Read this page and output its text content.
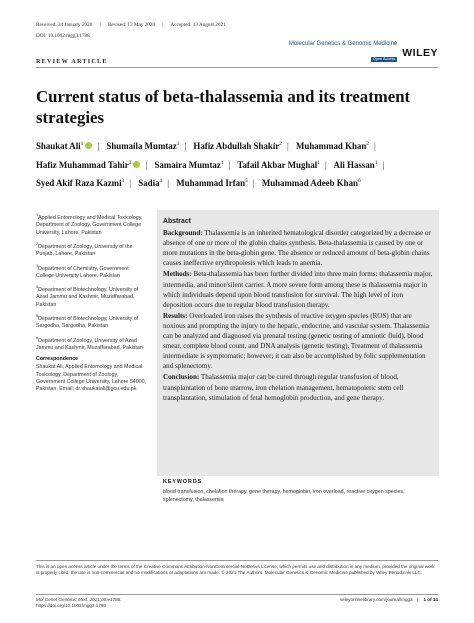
Received: 24 January 2020 | Revised: 13 May 2020 | Accepted: 13 August 2021
DOI: 10.1002/mgg3.1788
Molecular Genetics & Genomic Medicine
Open Access WILEY
REVIEW ARTICLE
Current status of beta-thalassemia and its treatment strategies
Shaukat Ali$^1$ | Shumaila Mumtaz$^1$ | Hafiz Abdullah Shakir$^2$ | Muhammad Khan$^2$ | Hafiz Muhammad Tahir$^3$ | Samaira Mumtaz$^1$ | Tafail Akbar Mughal$^1$ | Ali Hassan$^1$ | Syed Akif Raza Kazmi$^3$ | Sadia$^4$ | Muhammad Irfan$^5$ | Muhammad Adeeb Khan$^6$
$^1$Applied Entomology and Medical Toxicology, Department of Zoology, Government College University, Lahore, Pakistan
$^2$Department of Zoology, University of the Punjab, Lahore, Pakistan
$^3$Department of Chemistry, Government College University Lahore, Pakistan
$^4$Department of Biotechnology, University of Azad Jammu and Kashmir, Muzaffarabad, Pakistan
$^5$Department of Biotechnology, University of Sargodha, Sargodha, Pakistan
$^6$Department of Zoology, University of Azad Jammu and Kashmir, Muzaffarabad, Pakistan
Correspondence
Shaukat Ali, Applied Entomology and Medical Toxicology, Department of Zoology, Government College University, Lahore 54000, Pakistan. Email: dr.shaukatali@gcu.edu.pk
Abstract
Background: Thalassemia is an inherited hematological disorder categorized by a decrease or absence of one or more of the globin chains synthesis. Beta-thalassemia is caused by one or more mutations in the beta-globin gene. The absence or reduced amount of beta-globin chains causes ineffective erythropoiesis which leads to anemia.
Methods: Beta-thalassemia has been further divided into three main forms: thalassemia major, intermedia, and minor/silent carrier. A more severe form among these is thalassemia major in which individuals depend upon blood transfusion for survival. The high level of iron deposition occurs due to regular blood transfusion therapy.
Results: Overloaded iron raises the synthesis of reactive oxygen species (ROS) that are noxious and prompting the injury to the hepatic, endocrine, and vascular system. Thalassemia can be analyzed and diagnosed via prenatal testing (genetic testing of amniotic fluid), blood smear, complete blood count, and DNA analysis (genetic testing). Treatment of thalassemia intermediate is symptomatic; however; it can also be accomplished by folic supplementation and splenectomy.
Conclusion: Thalassemia major can be cured through regular transfusion of blood, transplantation of bone marrow, iron chelation management, hematopoietic stem cell transplantation, stimulation of fetal hemoglobin production, and gene therapy.
KEYWORDS
blood transfusion, chelation therapy, gene therapy, hemoglobin, iron overload, reactive oxygen species, splenectomy, thalassemia
This is an open access article under the terms of the Creative Commons Attribution-NonCommercial-NoDerivs License, which permits use and distribution in any medium, provided the original work is properly cited, the use is non-commercial and no modifications or adaptations are made. © 2021 The Authors. Molecular Genetics & Genomic Medicine published by Wiley Periodicals LLC.
Mol Genet Genomic Med. 2021;00:e1788.
https://doi.org/10.1002/mgg3.1788
wileyonlinelibrary.com/journal/mgg3 | 1 of 14
